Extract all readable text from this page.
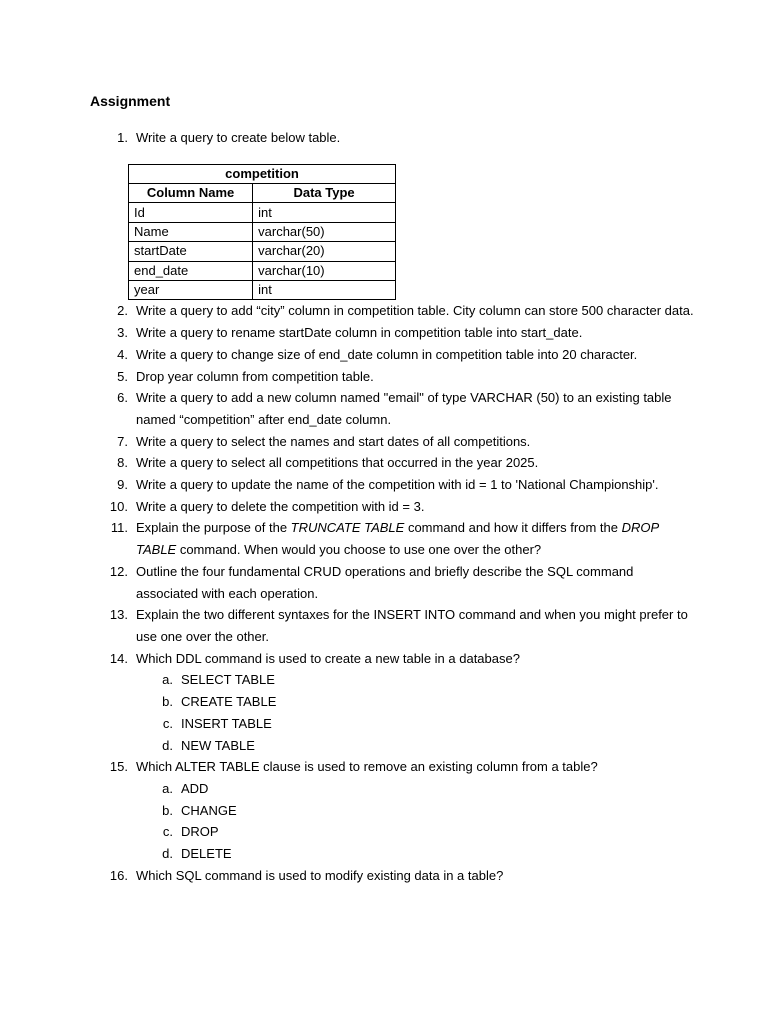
Assignment
1. Write a query to create below table.
competition	
Column Name	Data Type
Id	int
Name	varchar(50)
startDate	varchar(20)
end_date	varchar(10)
year	int
2. Write a query to add “city” column in competition table. City column can store 500 character data.
3. Write a query to rename startDate column in competition table into start_date.
4. Write a query to change size of end_date column in competition table into 20 character.
5. Drop year column from competition table.
6. Write a query to add a new column named "email" of type VARCHAR (50) to an existing table named “competition” after end_date column.
7. Write a query to select the names and start dates of all competitions.
8. Write a query to select all competitions that occurred in the year 2025.
9. Write a query to update the name of the competition with id = 1 to 'National Championship'.
10. Write a query to delete the competition with id = 3.
11. Explain the purpose of the TRUNCATE TABLE command and how it differs from the DROP TABLE command. When would you choose to use one over the other?
12. Outline the four fundamental CRUD operations and briefly describe the SQL command associated with each operation.
13. Explain the two different syntaxes for the INSERT INTO command and when you might prefer to use one over the other.
14. Which DDL command is used to create a new table in a database?
a. SELECT TABLE
b. CREATE TABLE
c. INSERT TABLE
d. NEW TABLE
15. Which ALTER TABLE clause is used to remove an existing column from a table?
a. ADD
b. CHANGE
c. DROP
d. DELETE
16. Which SQL command is used to modify existing data in a table?
